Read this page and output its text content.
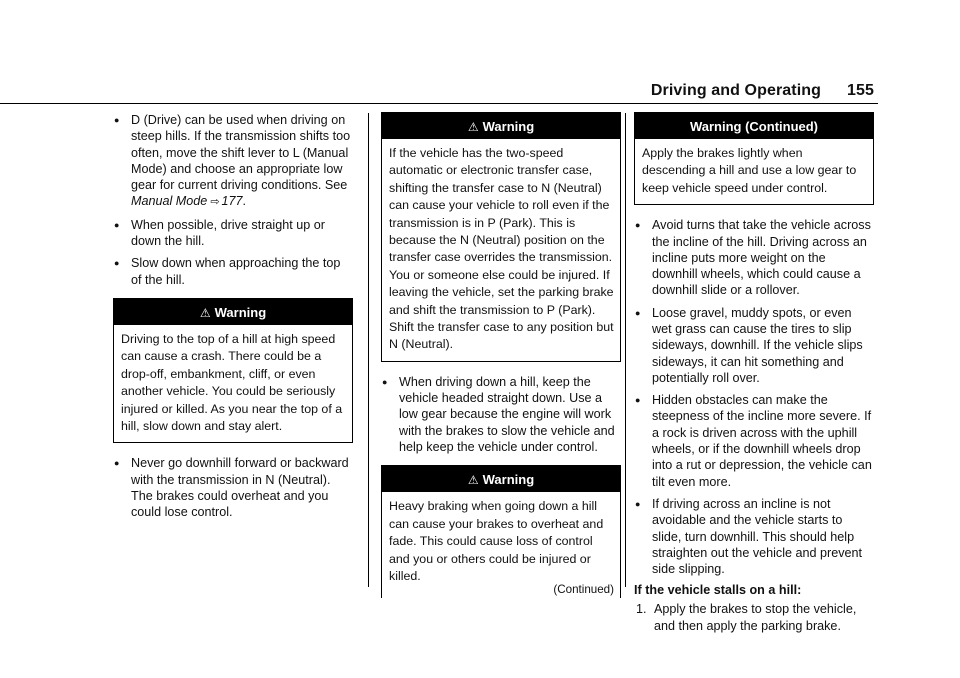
Driving and Operating 155
● D (Drive) can be used when driving on steep hills. If the transmission shifts too often, move the shift lever to L (Manual Mode) and choose an appropriate low gear for current driving conditions. See Manual Mode ⇨ 177.
● When possible, drive straight up or down the hill.
● Slow down when approaching the top of the hill.
⚠ Warning
Driving to the top of a hill at high speed can cause a crash. There could be a drop-off, embankment, cliff, or even another vehicle. You could be seriously injured or killed. As you near the top of a hill, slow down and stay alert.
● Never go downhill forward or backward with the transmission in N (Neutral). The brakes could overheat and you could lose control.
⚠ Warning
If the vehicle has the two-speed automatic or electronic transfer case, shifting the transfer case to N (Neutral) can cause your vehicle to roll even if the transmission is in P (Park). This is because the N (Neutral) position on the transfer case overrides the transmission. You or someone else could be injured. If leaving the vehicle, set the parking brake and shift the transmission to P (Park). Shift the transfer case to any position but N (Neutral).
● When driving down a hill, keep the vehicle headed straight down. Use a low gear because the engine will work with the brakes to slow the vehicle and help keep the vehicle under control.
⚠ Warning
Heavy braking when going down a hill can cause your brakes to overheat and fade. This could cause loss of control and you or others could be injured or killed.
(Continued)
Warning (Continued)
Apply the brakes lightly when descending a hill and use a low gear to keep vehicle speed under control.
● Avoid turns that take the vehicle across the incline of the hill. Driving across an incline puts more weight on the downhill wheels, which could cause a downhill slide or a rollover.
● Loose gravel, muddy spots, or even wet grass can cause the tires to slip sideways, downhill. If the vehicle slips sideways, it can hit something and potentially roll over.
● Hidden obstacles can make the steepness of the incline more severe. If a rock is driven across with the uphill wheels, or if the downhill wheels drop into a rut or depression, the vehicle can tilt even more.
● If driving across an incline is not avoidable and the vehicle starts to slide, turn downhill. This should help straighten out the vehicle and prevent side slipping.
If the vehicle stalls on a hill:
1. Apply the brakes to stop the vehicle, and then apply the parking brake.
